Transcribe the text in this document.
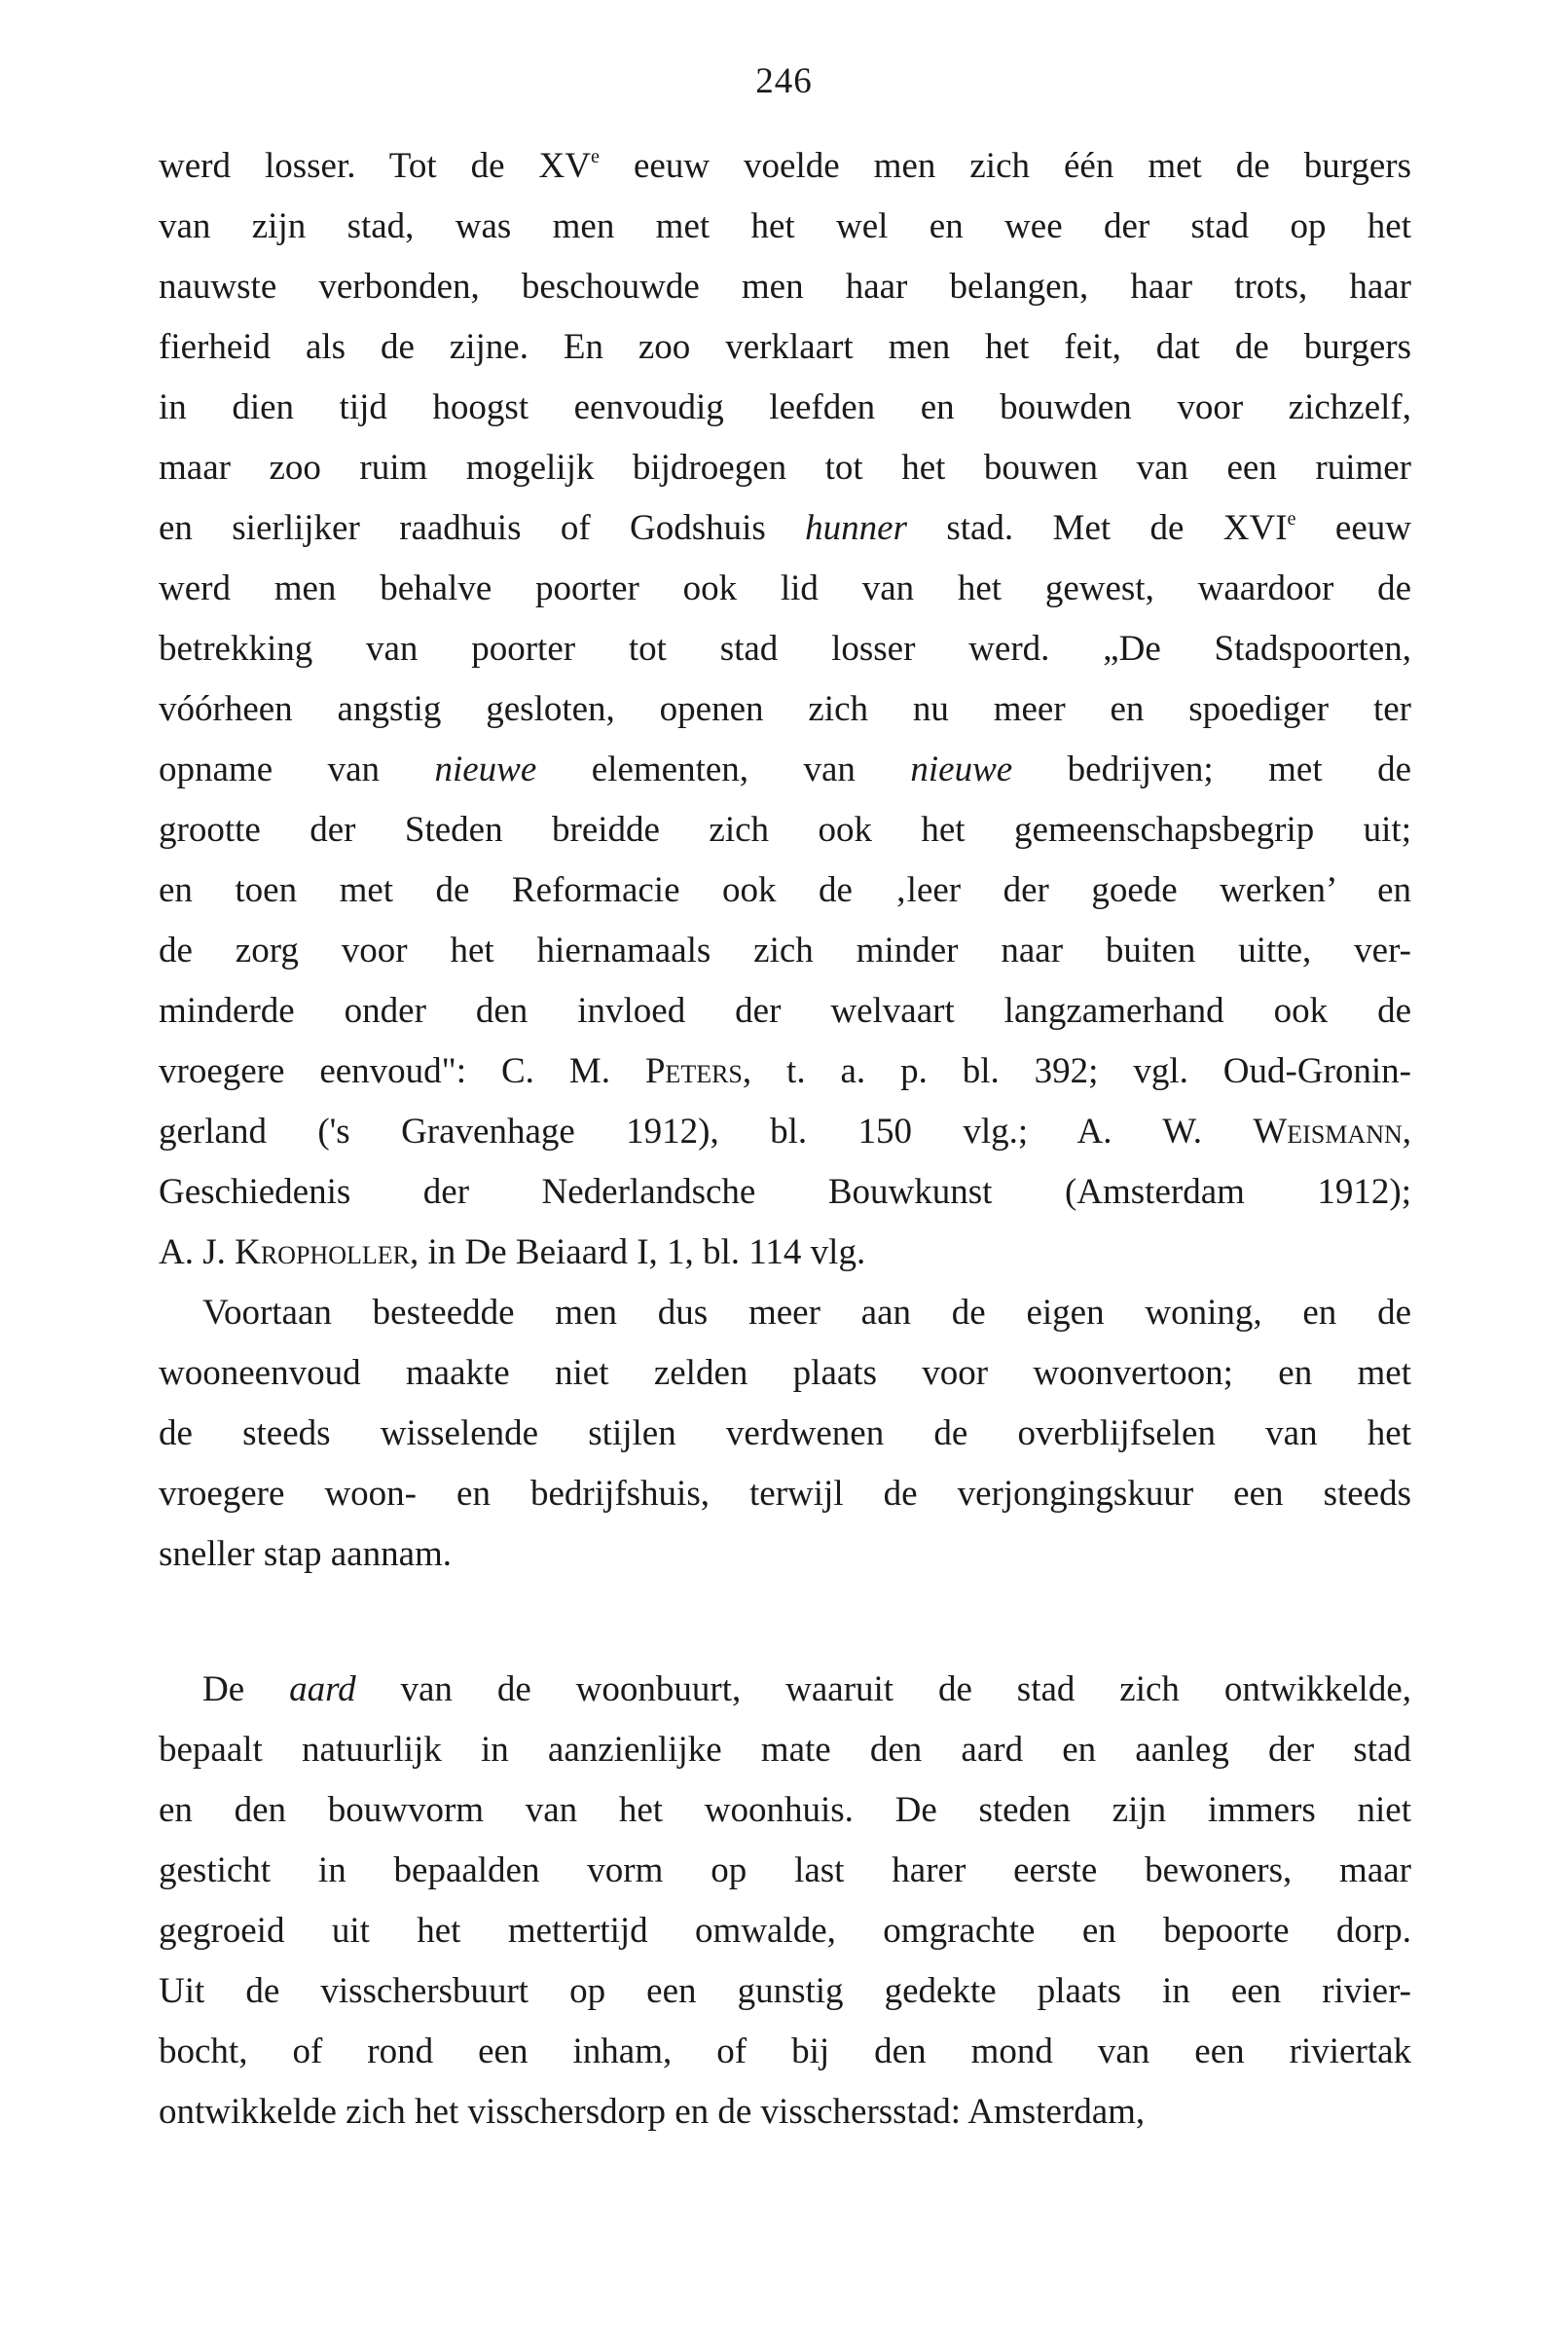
246
werd losser. Tot de XVe eeuw voelde men zich één met de burgers
van zijn stad, was men met het wel en wee der stad op het
nauwste verbonden, beschouwde men haar belangen, haar trots, haar
fierheid als de zijne. En zoo verklaart men het feit, dat de burgers
in dien tijd hoogst eenvoudig leefden en bouwden voor zichzelf,
maar zoo ruim mogelijk bijdroegen tot het bouwen van een ruimer
en sierlijker raadhuis of Godshuis hunner stad. Met de XVIe eeuw
werd men behalve poorter ook lid van het gewest, waardoor de
betrekking van poorter tot stad losser werd. „De Stadspoorten,
vóórheen angstig gesloten, openen zich nu meer en spoediger ter
opname van nieuwe elementen, van nieuwe bedrijven; met de
grootte der Steden breidde zich ook het gemeenschapsbegrip uit;
en toen met de Reformacie ook de ‚leer der goede werken’ en
de zorg voor het hiernamaals zich minder naar buiten uitte, ver-
minderde onder den invloed der welvaart langzamerhand ook de
vroegere eenvoud": C. M. Peters, t. a. p. bl. 392; vgl. Oud-Gronin-
gerland ('s Gravenhage 1912), bl. 150 vlg.; A. W. Weismann,
Geschiedenis der Nederlandsche Bouwkunst (Amsterdam 1912);
A. J. Kropholler, in De Beiaard I, 1, bl. 114 vlg.
Voortaan besteedde men dus meer aan de eigen woning, en de
wooneenvoud maakte niet zelden plaats voor woonvertoon; en met
de steeds wisselende stijlen verdwenen de overblijfselen van het
vroegere woon- en bedrijfshuis, terwijl de verjongingskuur een steeds
sneller stap aannam.
De aard van de woonbuurt, waaruit de stad zich ontwikkelde,
bepaalt natuurlijk in aanzienlijke mate den aard en aanleg der stad
en den bouwvorm van het woonhuis. De steden zijn immers niet
gesticht in bepaalden vorm op last harer eerste bewoners, maar
gegroeid uit het mettertijd omwalde, omgrachte en bepoorte dorp.
Uit de visschersbuurt op een gunstig gedekte plaats in een rivier-
bocht, of rond een inham, of bij den mond van een riviertak
ontwikkelde zich het visschersdorp en de visschersstad: Amsterdam,
